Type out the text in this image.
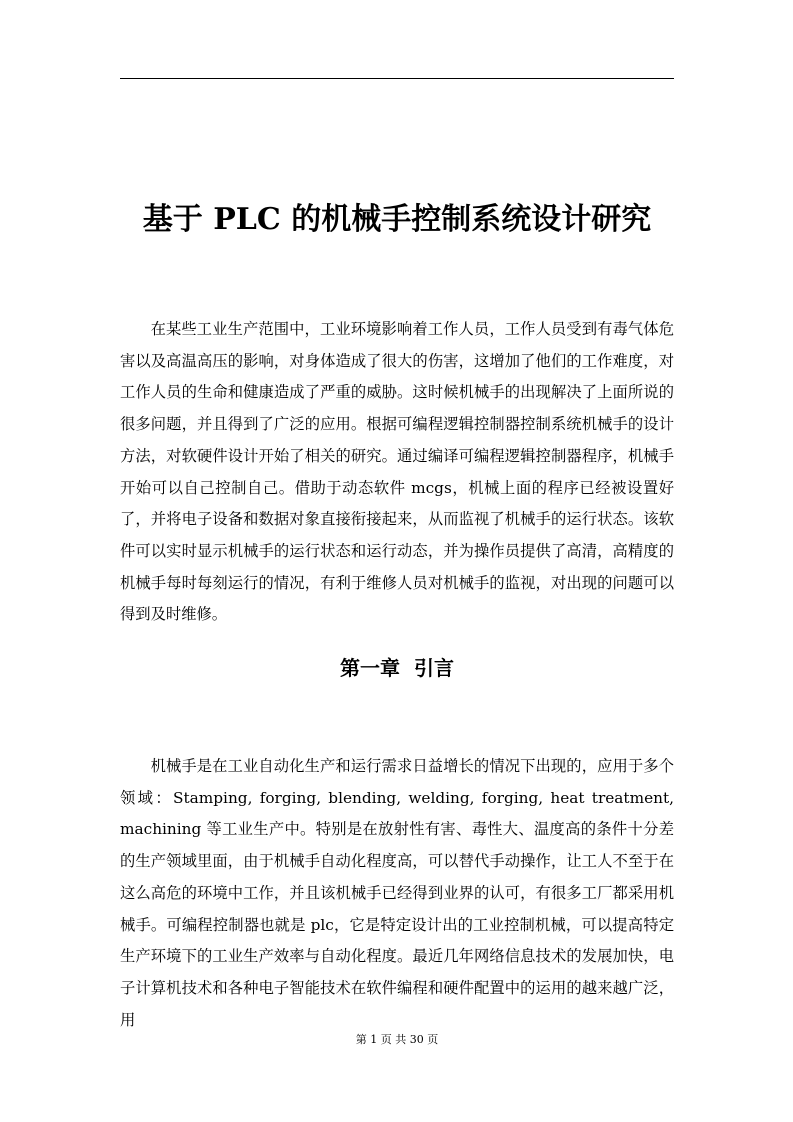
基于 PLC 的机械手控制系统设计研究

在某些工业生产范围中，工业环境影响着工作人员，工作人员受到有毒气体危害以及高温高压的影响，对身体造成了很大的伤害，这增加了他们的工作难度，对工作人员的生命和健康造成了严重的威胁。这时候机械手的出现解决了上面所说的很多问题，并且得到了广泛的应用。根据可编程逻辑控制器控制系统机械手的设计方法，对软硬件设计开始了相关的研究。通过编译可编程逻辑控制器程序，机械手开始可以自己控制自己。借助于动态软件 mcgs，机械上面的程序已经被设置好了，并将电子设备和数据对象直接衔接起来，从而监视了机械手的运行状态。该软件可以实时显示机械手的运行状态和运行动态，并为操作员提供了高清，高精度的机械手每时每刻运行的情况，有利于维修人员对机械手的监视，对出现的问题可以得到及时维修。

第一章  引言

机械手是在工业自动化生产和运行需求日益增长的情况下出现的，应用于多个领域：Stamping, forging, blending, welding, forging, heat treatment, machining 等工业生产中。特别是在放射性有害、毒性大、温度高的条件十分差的生产领域里面，由于机械手自动化程度高，可以替代手动操作，让工人不至于在这么高危的环境中工作，并且该机械手已经得到业界的认可，有很多工厂都采用机械手。可编程控制器也就是 plc，它是特定设计出的工业控制机械，可以提高特定生产环境下的工业生产效率与自动化程度。最近几年网络信息技术的发展加快，电子计算机技术和各种电子智能技术在软件编程和硬件配置中的运用的越来越广泛，用

第 1 页 共 30 页
